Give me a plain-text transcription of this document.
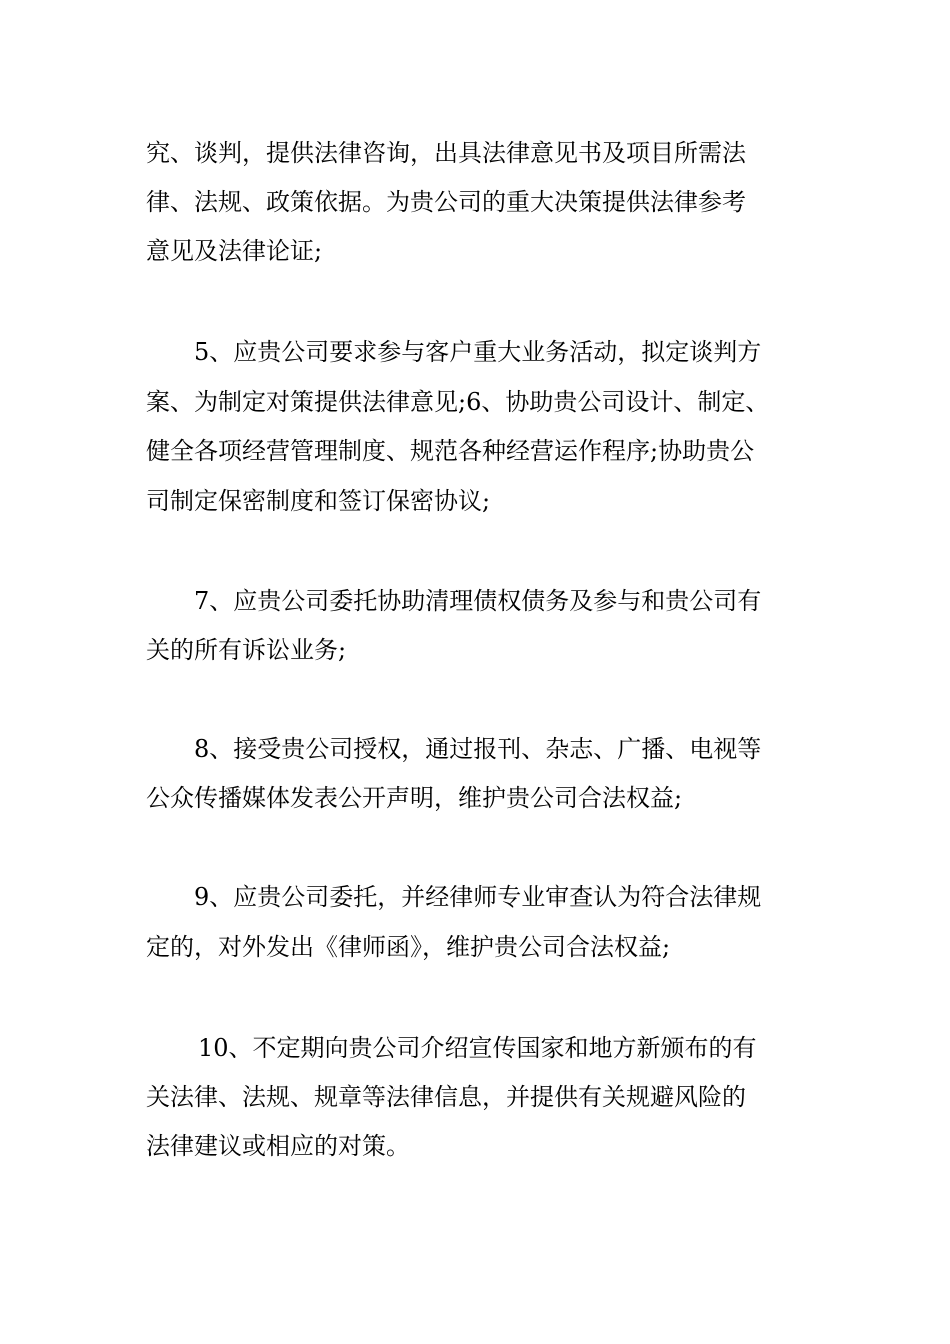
究、谈判，提供法律咨询，出具法律意见书及项目所需法

律、法规、政策依据。为贵公司的重大决策提供法律参考

意见及法律论证;

5、应贵公司要求参与客户重大业务活动，拟定谈判方

案、为制定对策提供法律意见;6、协助贵公司设计、制定、

健全各项经营管理制度、规范各种经营运作程序;协助贵公

司制定保密制度和签订保密协议;

7、应贵公司委托协助清理债权债务及参与和贵公司有

关的所有诉讼业务;

8、接受贵公司授权，通过报刊、杂志、广播、电视等

公众传播媒体发表公开声明，维护贵公司合法权益;

9、应贵公司委托，并经律师专业审查认为符合法律规

定的，对外发出《律师函》，维护贵公司合法权益;

10、不定期向贵公司介绍宣传国家和地方新颁布的有

关法律、法规、规章等法律信息，并提供有关规避风险的

法律建议或相应的对策。
